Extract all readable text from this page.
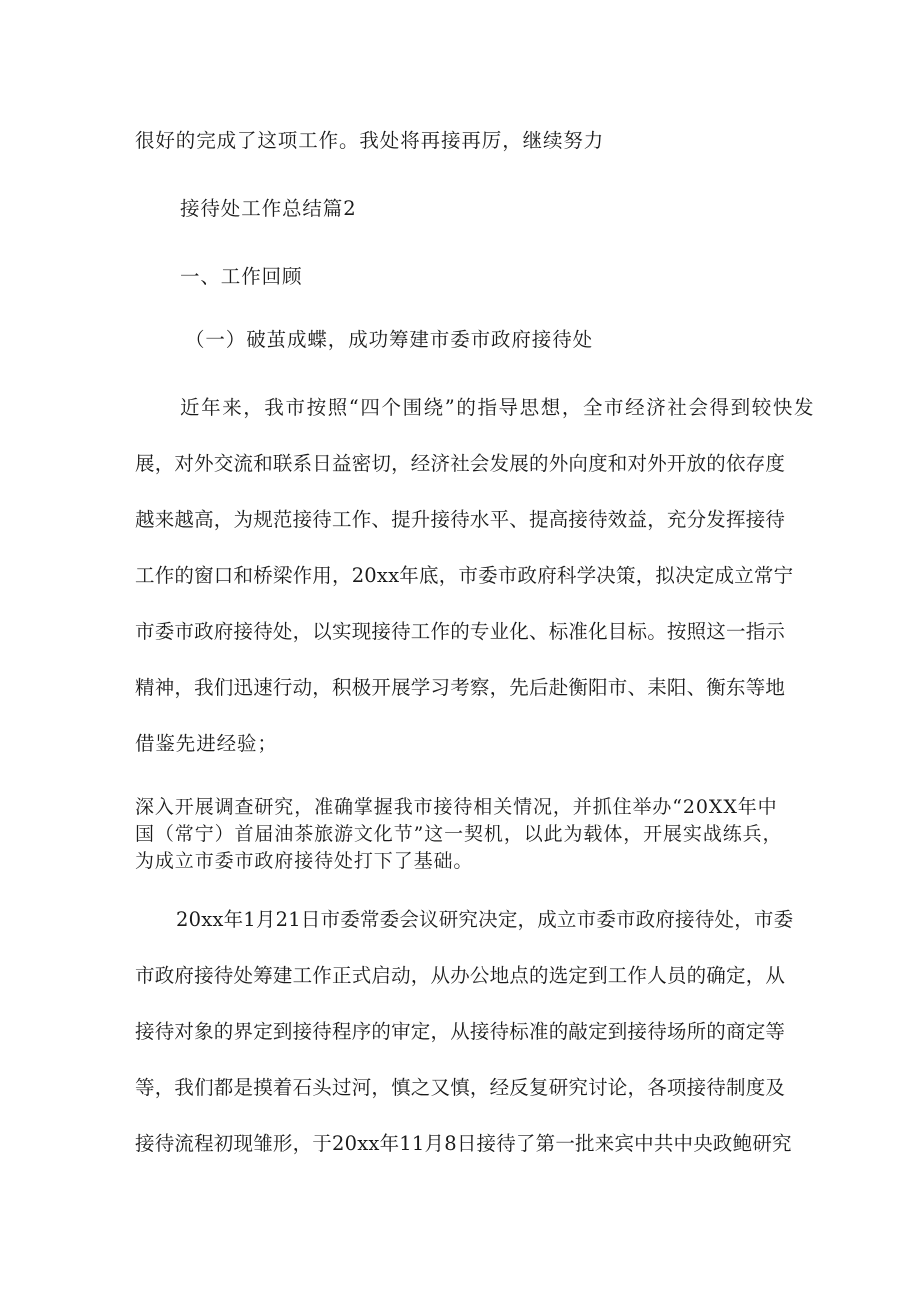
很好的完成了这项工作。我处将再接再厉，继续努力
接待处工作总结篇2
一、工作回顾
（一）破茧成蝶，成功筹建市委市政府接待处
近年来，我市按照“四个围绕”的指导思想，全市经济社会得到较快发
展，对外交流和联系日益密切，经济社会发展的外向度和对外开放的依存度
越来越高，为规范接待工作、提升接待水平、提高接待效益，充分发挥接待
工作的窗口和桥梁作用，20xx年底，市委市政府科学决策，拟决定成立常宁
市委市政府接待处，以实现接待工作的专业化、标准化目标。按照这一指示
精神，我们迅速行动，积极开展学习考察，先后赴衡阳市、耒阳、衡东等地
借鉴先进经验；
深入开展调查研究，准确掌握我市接待相关情况，并抓住举办“20XX年中国（常宁）首届油茶旅游文化节”这一契机，以此为载体，开展实战练兵，为成立市委市政府接待处打下了基础。
20xx年1月21日市委常委会议研究决定，成立市委市政府接待处，市委
市政府接待处筹建工作正式启动，从办公地点的选定到工作人员的确定，从
接待对象的界定到接待程序的审定，从接待标准的敲定到接待场所的商定等
等，我们都是摸着石头过河，慎之又慎，经反复研究讨论，各项接待制度及
接待流程初现雏形，于20xx年11月8日接待了第一批来宾中共中央政鲍研究
